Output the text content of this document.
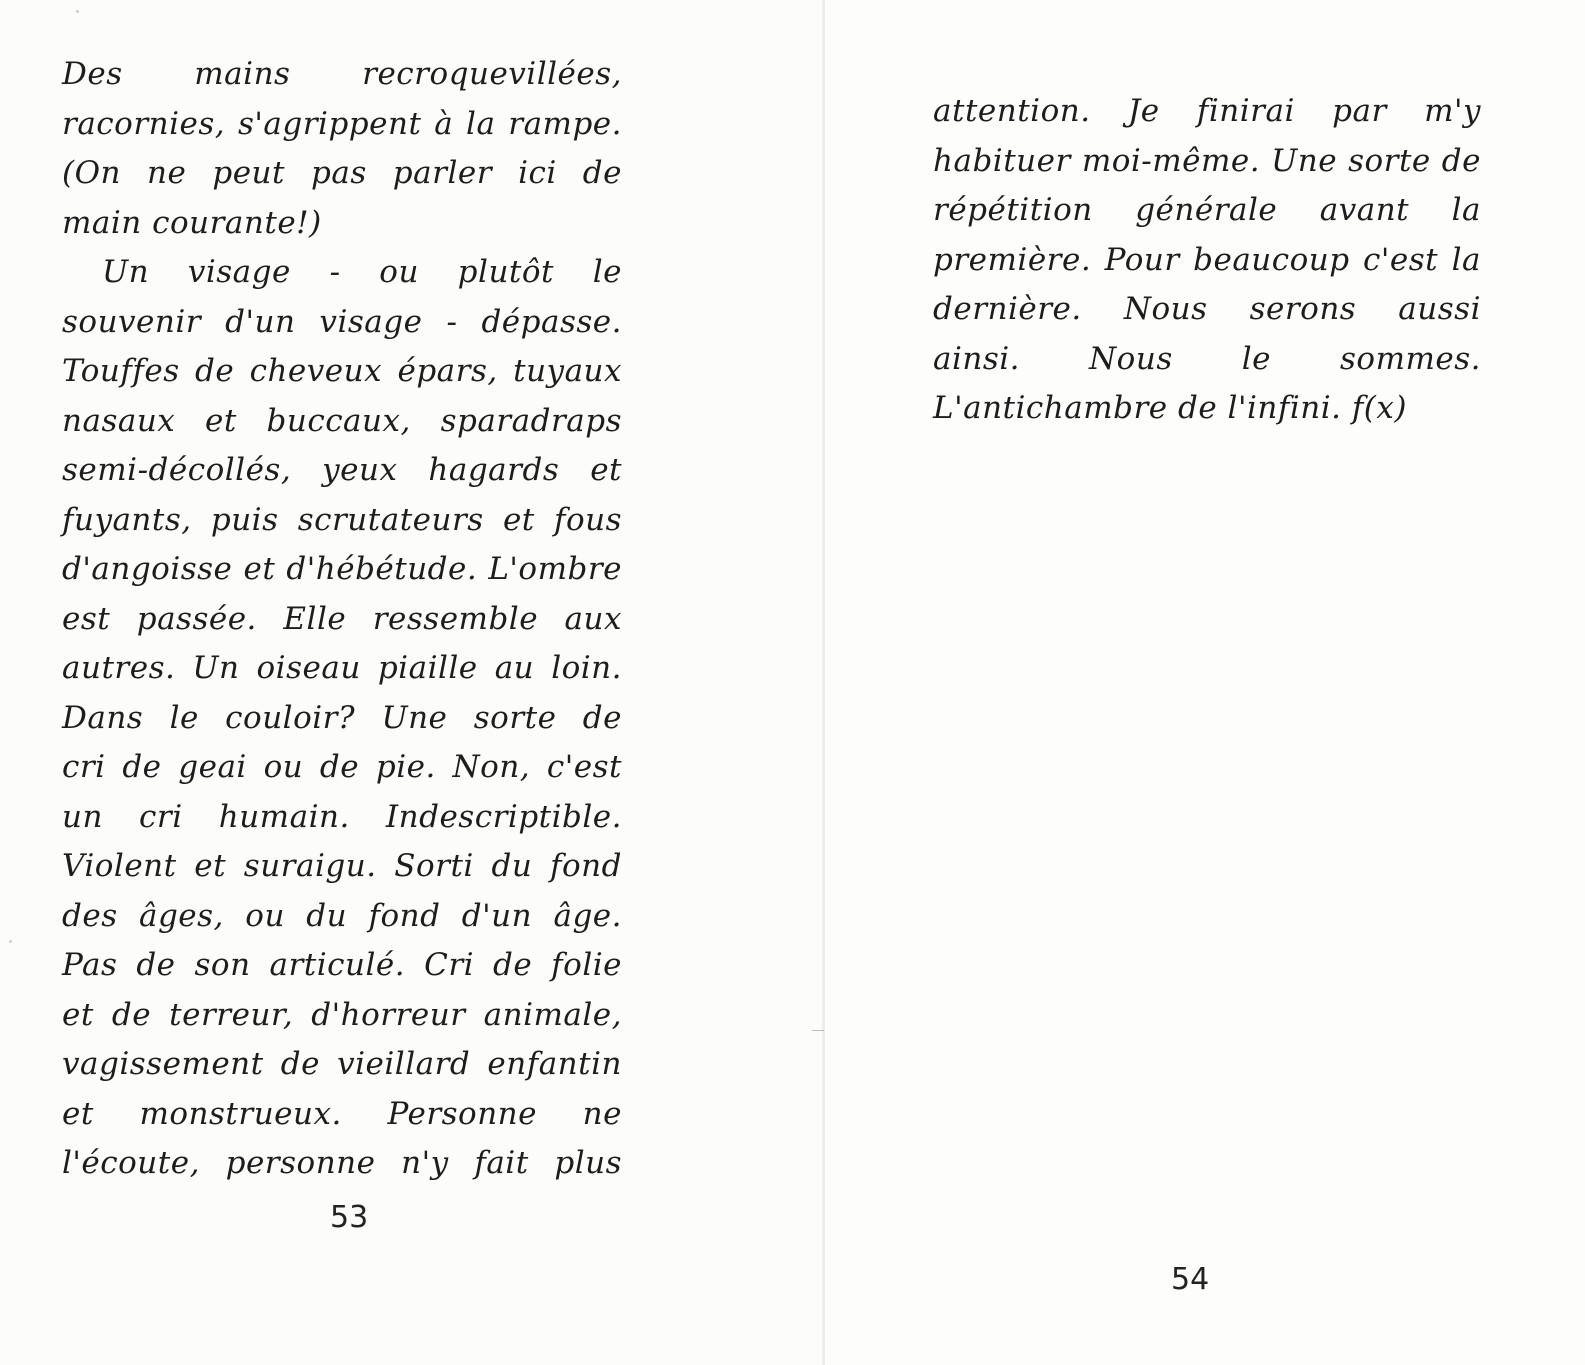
Des mains recroquevillées,
racornies, s'agrippent à la rampe.
(On ne peut pas parler ici de
main courante!)
Un visage - ou plutôt le
souvenir d'un visage - dépasse.
Touffes de cheveux épars, tuyaux
nasaux et buccaux, sparadraps
semi-décollés, yeux hagards et
fuyants, puis scrutateurs et fous
d'angoisse et d'hébétude. L'ombre
est passée. Elle ressemble aux
autres. Un oiseau piaille au loin.
Dans le couloir? Une sorte de
cri de geai ou de pie. Non, c'est
un cri humain. Indescriptible.
Violent et suraigu. Sorti du fond
des âges, ou du fond d'un âge.
Pas de son articulé. Cri de folie
et de terreur, d'horreur animale,
vagissement de vieillard enfantin
et monstrueux. Personne ne
l'écoute, personne n'y fait plus
53
attention. Je finirai par m'y
habituer moi-même. Une sorte de
répétition générale avant la
première. Pour beaucoup c'est la
dernière. Nous serons aussi
ainsi. Nous le sommes.
L'antichambre de l'infini. f(x)
54
